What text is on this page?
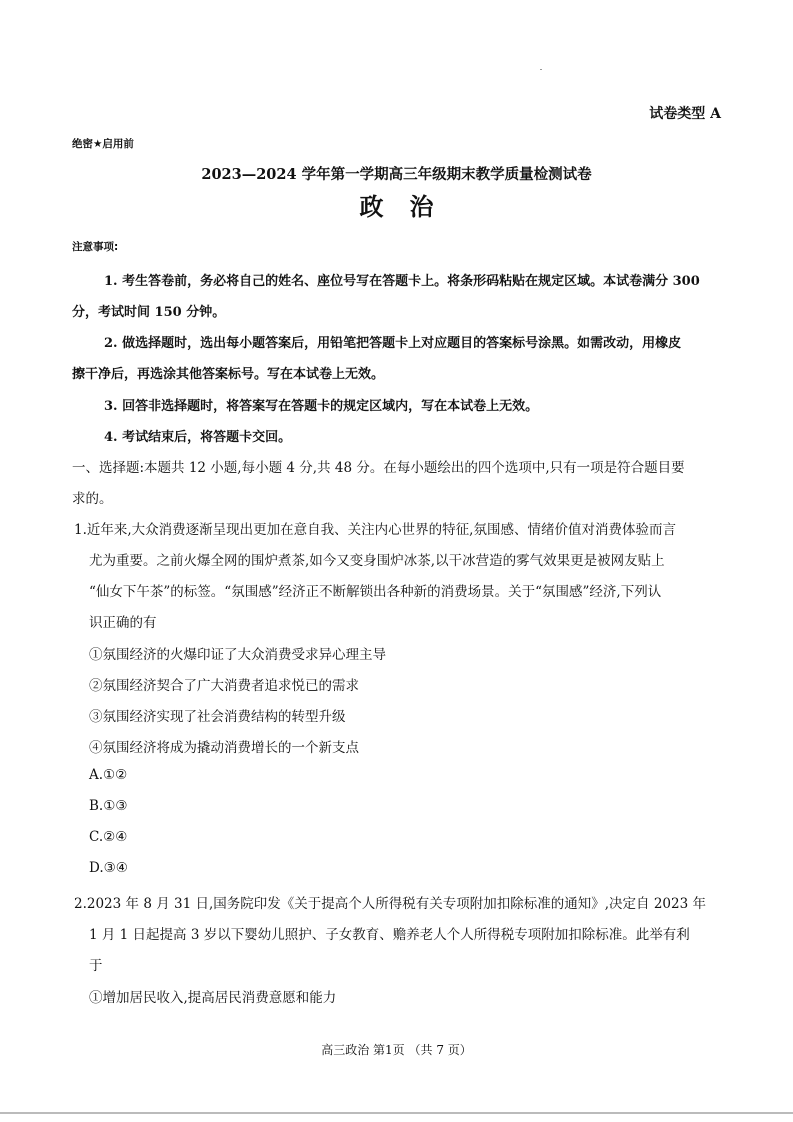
试卷类型 A
绝密★启用前
2023—2024 学年第一学期高三年级期末教学质量检测试卷
政治
注意事项:
1. 考生答卷前，务必将自己的姓名、座位号写在答题卡上。将条形码粘贴在规定区域。本试卷满分 300
分，考试时间 150 分钟。
2. 做选择题时，选出每小题答案后，用铅笔把答题卡上对应题目的答案标号涂黑。如需改动，用橡皮
擦干净后，再选涂其他答案标号。写在本试卷上无效。
3. 回答非选择题时，将答案写在答题卡的规定区域内，写在本试卷上无效。
4. 考试结束后，将答题卡交回。
一、选择题:本题共 12 小题,每小题 4 分,共 48 分。在每小题绘出的四个选项中,只有一项是符合题目要
求的。
1.近年来,大众消费逐渐呈现出更加在意自我、关注内心世界的特征,氛围感、情绪价值对消费体验而言
尤为重要。之前火爆全网的围炉煮茶,如今又变身围炉冰茶,以干冰营造的雾气效果更是被网友贴上
“仙女下午茶”的标签。“氛围感”经济正不断解锁出各种新的消费场景。关于“氛围感”经济,下列认
识正确的有
①氛围经济的火爆印证了大众消费受求异心理主导
②氛围经济契合了广大消费者追求悦已的需求
③氛围经济实现了社会消费结构的转型升级
④氛围经济将成为撬动消费增长的一个新支点
A.①②
B.①③
C.②④
D.③④
2.2023 年 8 月 31 日,国务院印发《关于提高个人所得税有关专项附加扣除标准的通知》,决定自 2023 年
1 月 1 日起提高 3 岁以下婴幼儿照护、子女教育、赡养老人个人所得税专项附加扣除标准。此举有利
于
①增加居民收入,提高居民消费意愿和能力
高三政治 第1页 （共 7 页）
